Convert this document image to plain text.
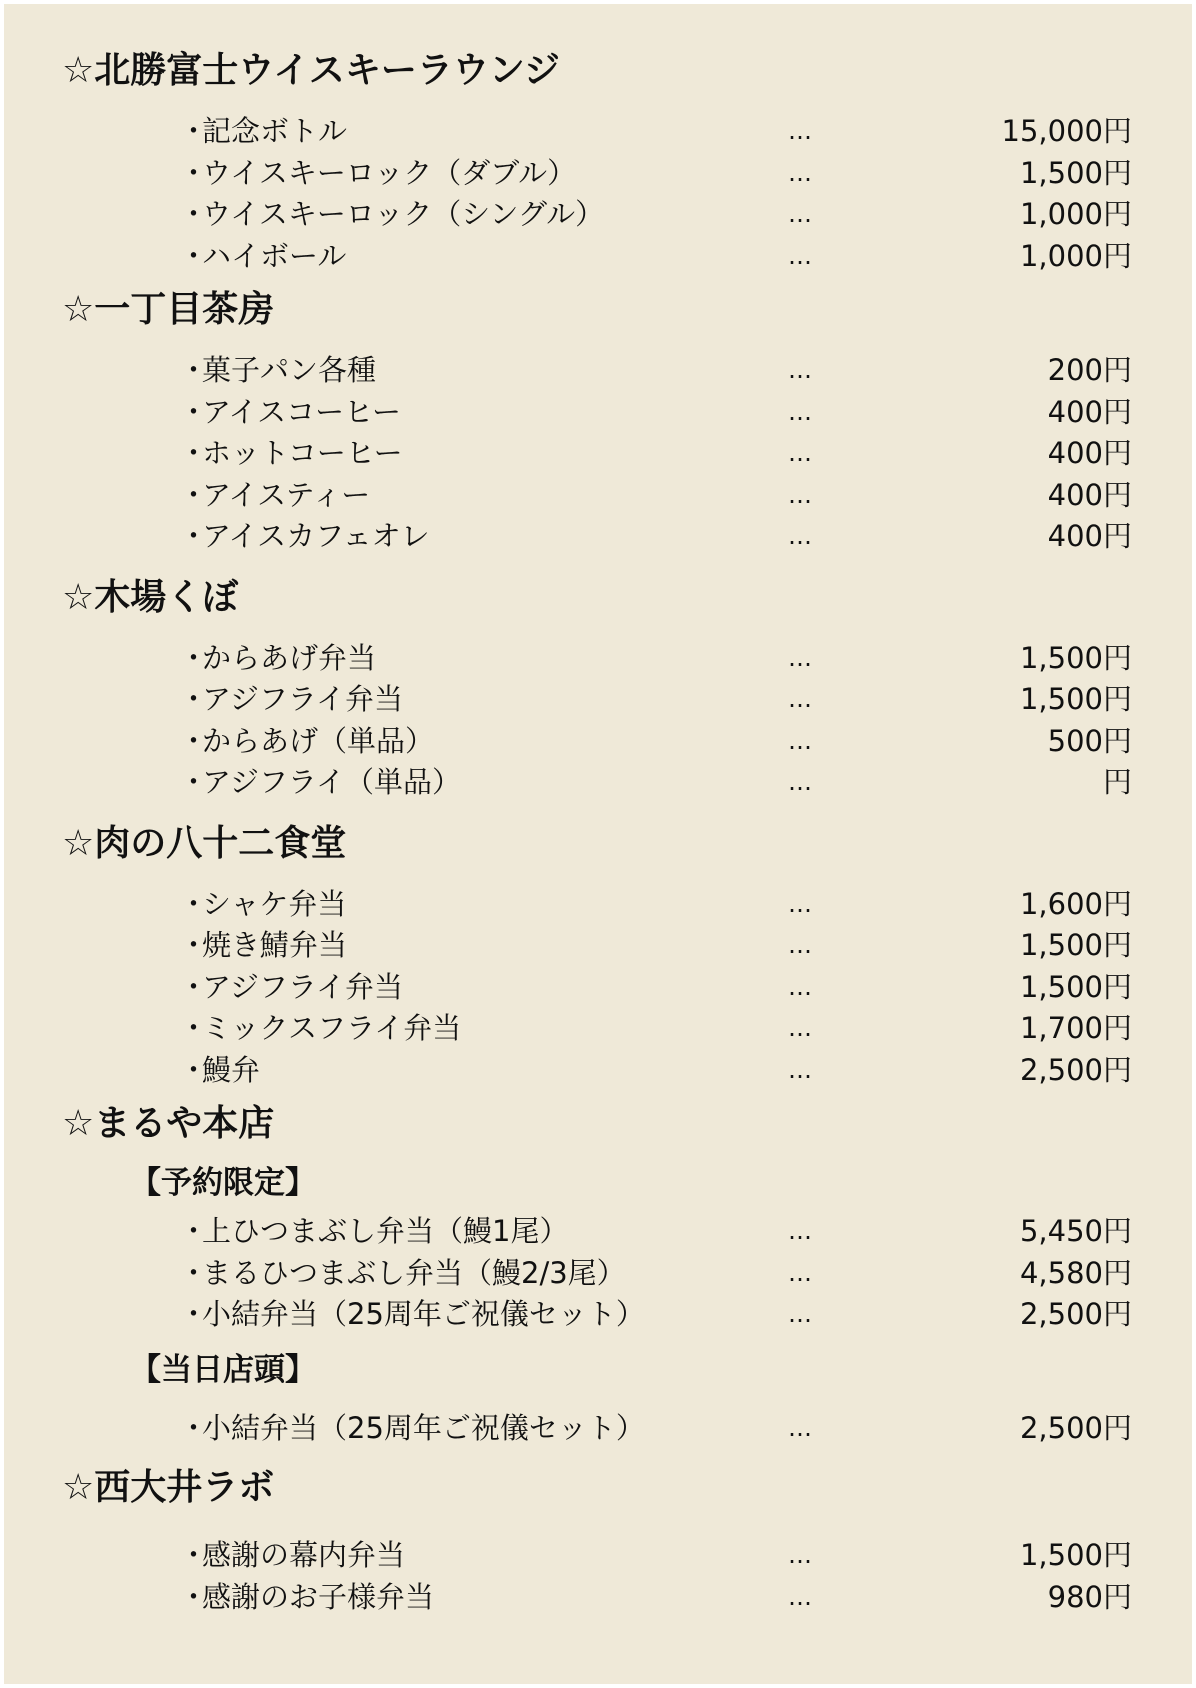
☆北勝富士ウイスキーラウンジ
・
記念ボトル	…	15,000円
・
ウイスキーロック（ダブル）	…	1,500円
・
ウイスキーロック（シングル）	…	1,000円
・
ハイボール	…	1,000円
☆一丁目茶房
・
菓子パン各種	…	200円
・
アイスコーヒー	…	400円
・
ホットコーヒー	…	400円
・
アイスティー	…	400円
・
アイスカフェオレ	…	400円
☆木場くぼ
・
からあげ弁当	…	1,500円
・
アジフライ弁当	…	1,500円
・
からあげ（単品）	…	500円
・
アジフライ（単品）	…	円
☆肉の八十二食堂
・
シャケ弁当	…	1,600円
・
焼き鯖弁当	…	1,500円
・
アジフライ弁当	…	1,500円
・
ミックスフライ弁当	…	1,700円
・
鰻弁	…	2,500円
☆まるや本店
【予約限定】
・
上ひつまぶし弁当（鰻1尾）	…	5,450円
・
まるひつまぶし弁当（鰻2/3尾）	…	4,580円
・
小結弁当（25周年ご祝儀セット）	…	2,500円
【当日店頭】
・
小結弁当（25周年ご祝儀セット）	…	2,500円
☆西大井ラボ
・
感謝の幕内弁当	…	1,500円
・
感謝のお子様弁当	…	980円
